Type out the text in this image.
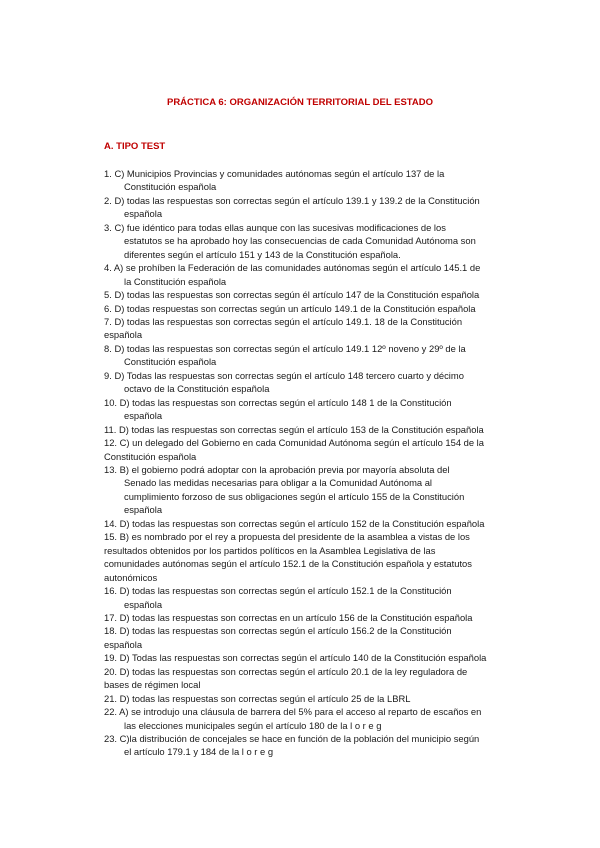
PRÁCTICA 6: ORGANIZACIÓN TERRITORIAL DEL ESTADO
A. TIPO TEST
1. C) Municipios Provincias y comunidades autónomas según el artículo 137 de la
Constitución española
2. D) todas las respuestas son correctas según el artículo 139.1 y 139.2 de la Constitución
española
3. C) fue idéntico para todas ellas aunque con las sucesivas modificaciones de los
estatutos se ha aprobado hoy las consecuencias de cada Comunidad Autónoma son
diferentes según el artículo 151 y 143 de la Constitución española.
4. A) se prohíben la Federación de las comunidades autónomas según el artículo 145.1 de
la Constitución española
5. D) todas las respuestas son correctas según él artículo 147 de la Constitución española
6. D) todas respuestas son correctas según un artículo 149.1 de la Constitución española
7. D) todas las respuestas son correctas según el artículo 149.1. 18 de la Constitución
española
8. D) todas las respuestas son correctas según el artículo 149.1 12º noveno y 29º de la
Constitución española
9. D) Todas las respuestas son correctas según el artículo 148 tercero cuarto y décimo
octavo de la Constitución española
10. D) todas las respuestas son correctas según el artículo 148 1 de la Constitución
española
11. D) todas las respuestas son correctas según el artículo 153 de la Constitución española
12. C) un delegado del Gobierno en cada Comunidad Autónoma según el artículo 154 de la
Constitución española
13. B) el gobierno podrá adoptar con la aprobación previa por mayoría absoluta del
Senado las medidas necesarias para obligar a la Comunidad Autónoma al
cumplimiento forzoso de sus obligaciones según el artículo 155 de la Constitución
española
14. D) todas las respuestas son correctas según el artículo 152 de la Constitución española
15. B) es nombrado por el rey a propuesta del presidente de la asamblea a vistas de los
resultados obtenidos por los partidos políticos en la Asamblea Legislativa de las
comunidades autónomas según el artículo 152.1 de la Constitución española y estatutos
autonómicos
16. D) todas las respuestas son correctas según el artículo 152.1 de la Constitución
española
17. D) todas las respuestas son correctas en un artículo 156 de la Constitución española
18. D) todas las respuestas son correctas según el artículo 156.2 de la Constitución
española
19. D) Todas las respuestas son correctas según el artículo 140 de la Constitución española
20. D) todas las respuestas son correctas según el artículo 20.1 de la ley reguladora de
bases de régimen local
21. D) todas las respuestas son correctas según el artículo 25 de la LBRL
22. A) se introdujo una cláusula de barrera del 5% para el acceso al reparto de escaños en
las elecciones municipales según el artículo 180 de la l o r e g
23. C)la distribución de concejales se hace en función de la población del municipio según
el artículo 179.1 y 184 de la l o r e g
